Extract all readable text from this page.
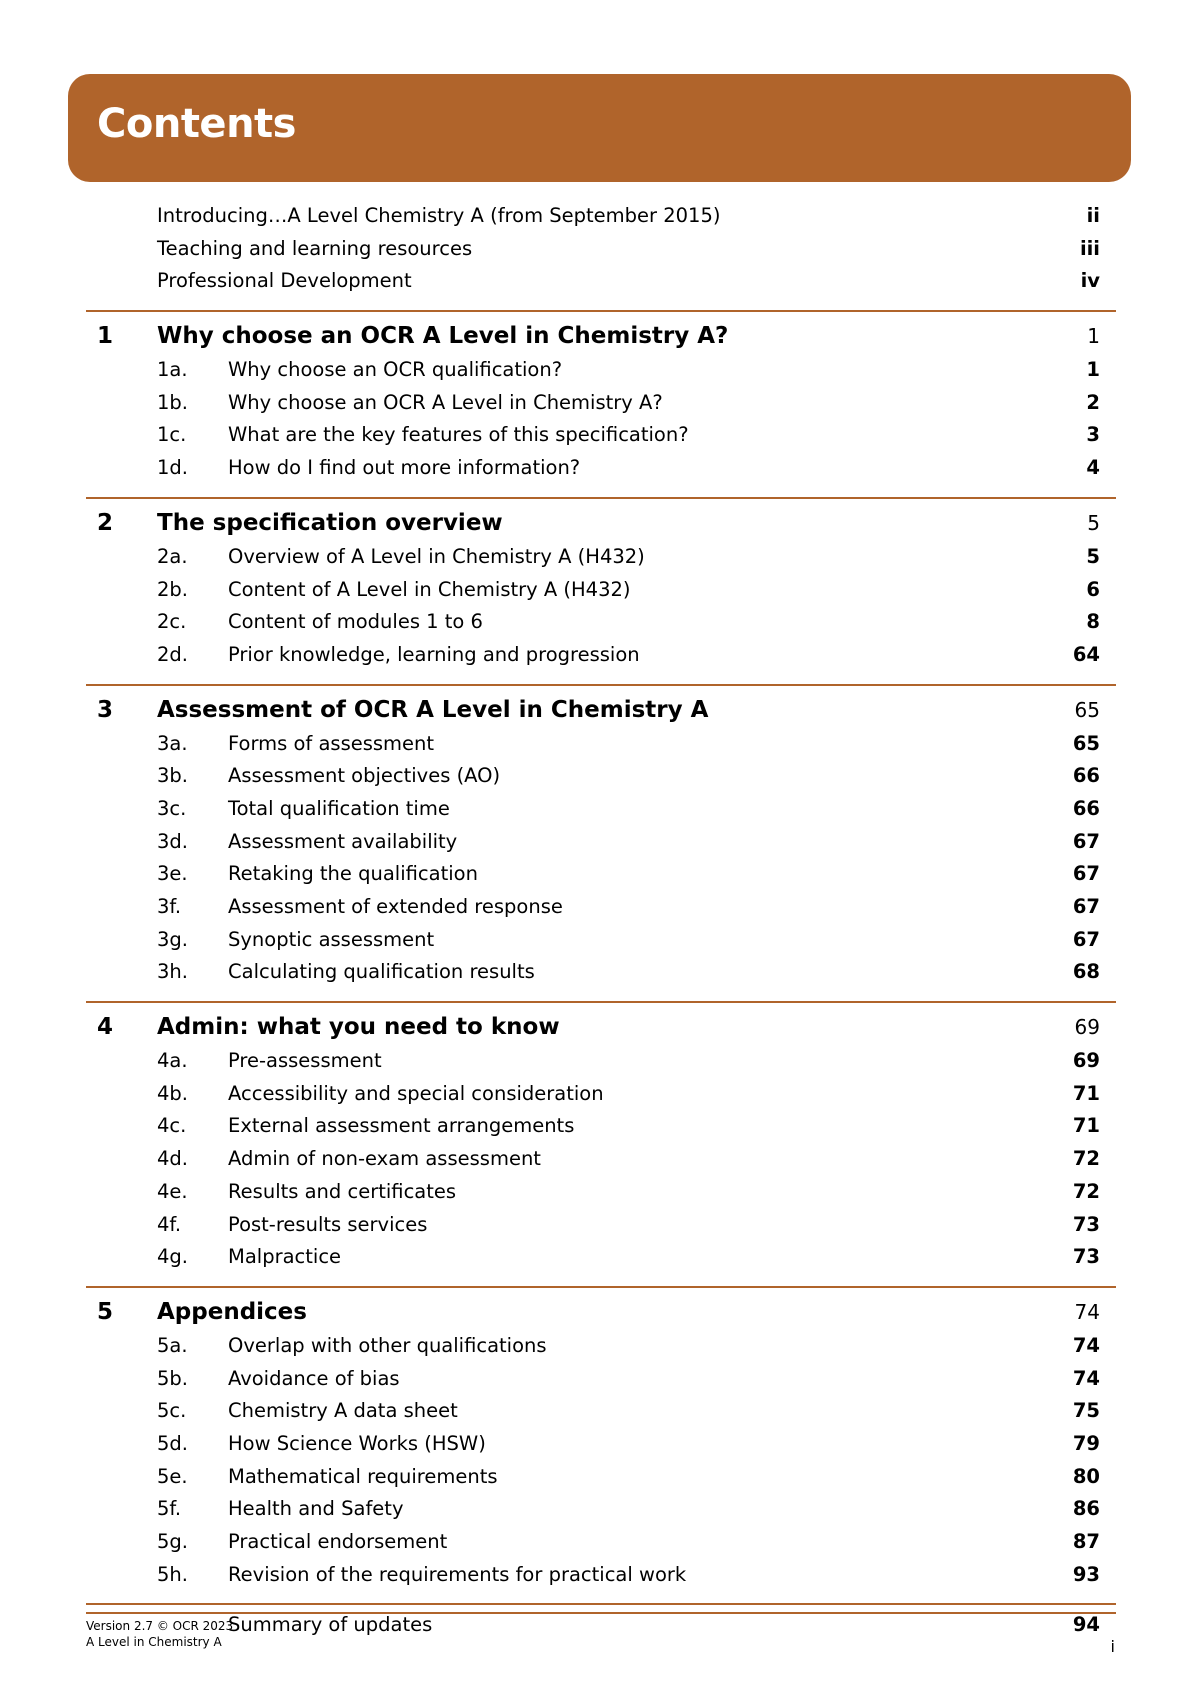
Contents
Introducing…A Level Chemistry A (from September 2015)	ii
Teaching and learning resources	iii
Professional Development	iv
1 Why choose an OCR A Level in Chemistry A?	1
1a. Why choose an OCR qualification?	1
1b. Why choose an OCR A Level in Chemistry A?	2
1c. What are the key features of this specification?	3
1d. How do I find out more information?	4
2 The specification overview	5
2a. Overview of A Level in Chemistry A (H432)	5
2b. Content of A Level in Chemistry A (H432)	6
2c. Content of modules 1 to 6	8
2d. Prior knowledge, learning and progression	64
3 Assessment of OCR A Level in Chemistry A	65
3a. Forms of assessment	65
3b. Assessment objectives (AO)	66
3c. Total qualification time	66
3d. Assessment availability	67
3e. Retaking the qualification	67
3f. Assessment of extended response	67
3g. Synoptic assessment	67
3h. Calculating qualification results	68
4 Admin: what you need to know	69
4a. Pre-assessment	69
4b. Accessibility and special consideration	71
4c. External assessment arrangements	71
4d. Admin of non-exam assessment	72
4e. Results and certificates	72
4f. Post-results services	73
4g. Malpractice	73
5 Appendices	74
5a. Overlap with other qualifications	74
5b. Avoidance of bias	74
5c. Chemistry A data sheet	75
5d. How Science Works (HSW)	79
5e. Mathematical requirements	80
5f. Health and Safety	86
5g. Practical endorsement	87
5h. Revision of the requirements for practical work	93
Summary of updates	94
Version 2.7 © OCR 2023
A Level in Chemistry A	i
